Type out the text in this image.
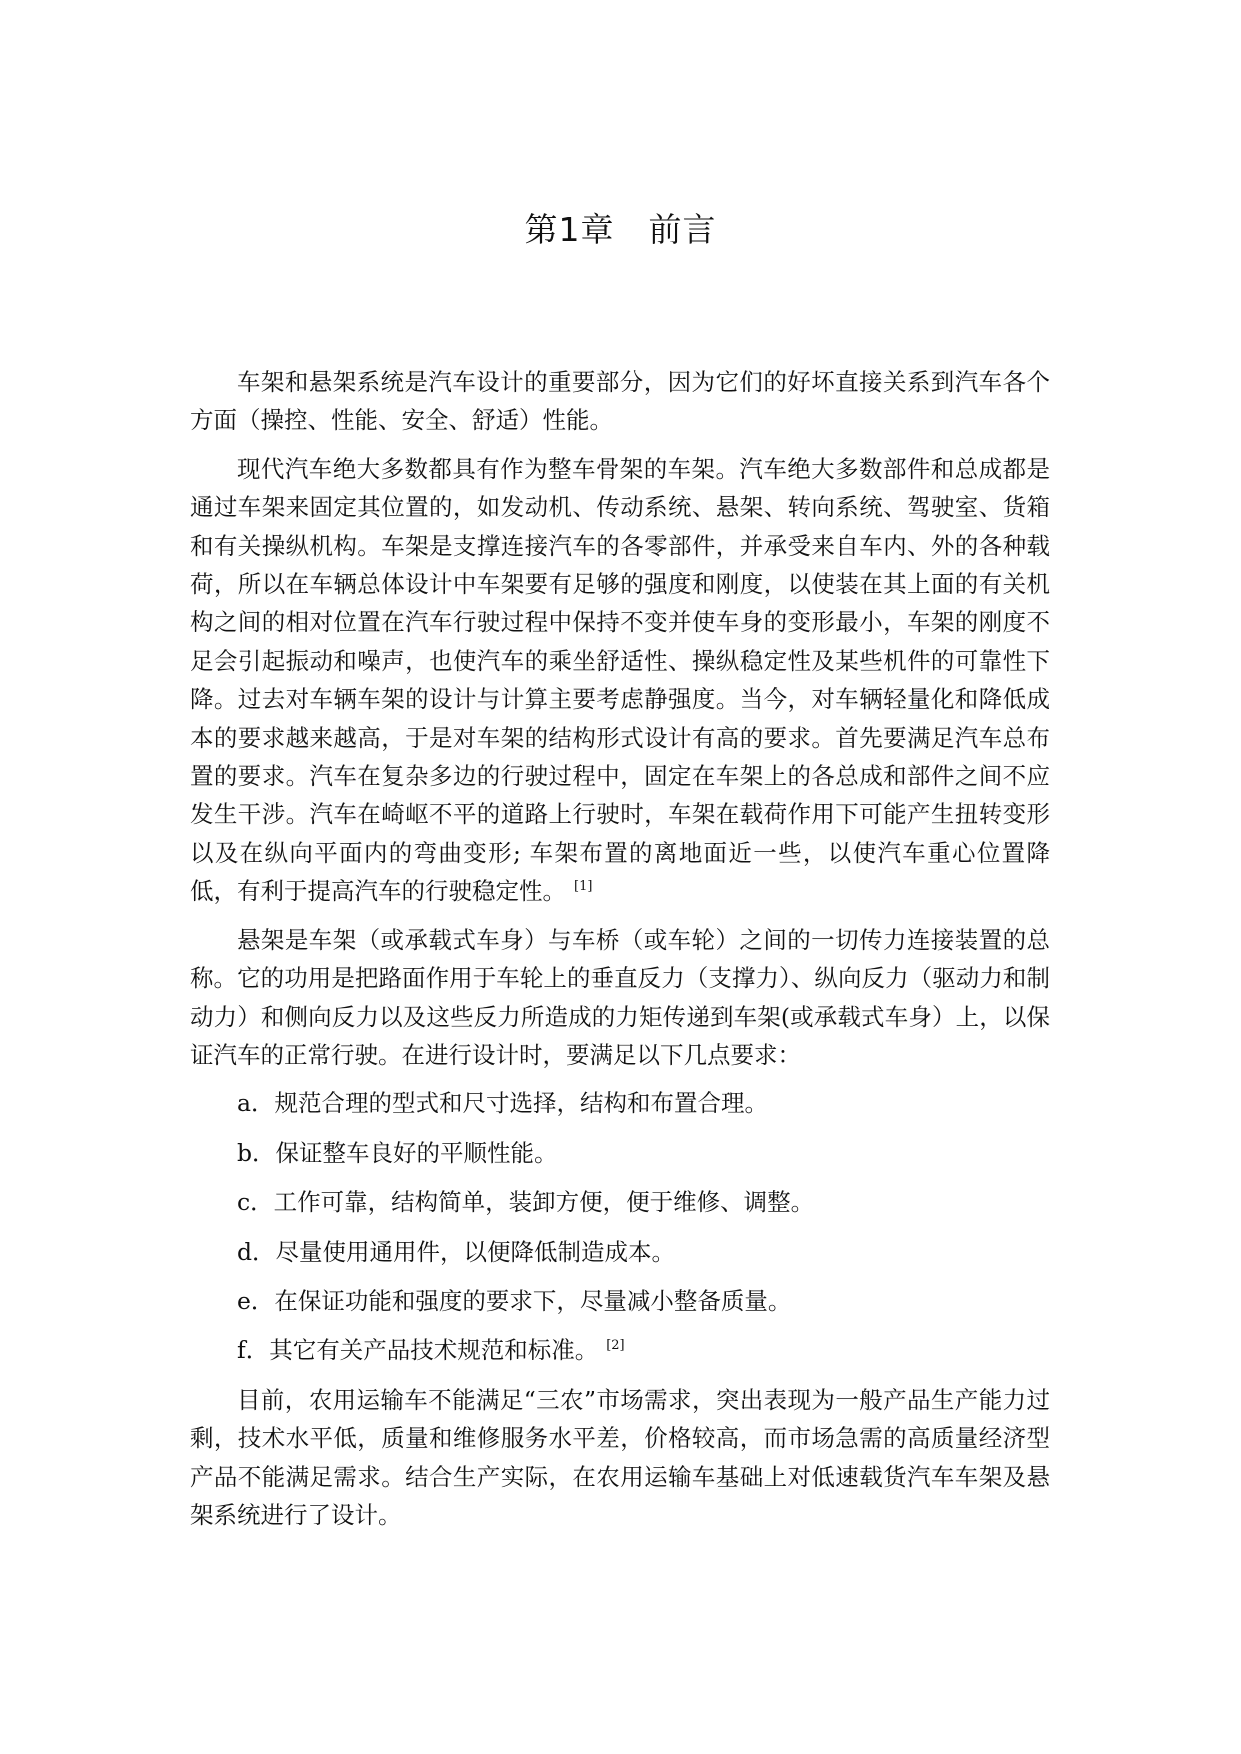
第1章　前言

车架和悬架系统是汽车设计的重要部分，因为它们的好坏直接关系到汽车各个方面（操控、性能、安全、舒适）性能。

现代汽车绝大多数都具有作为整车骨架的车架。汽车绝大多数部件和总成都是通过车架来固定其位置的，如发动机、传动系统、悬架、转向系统、驾驶室、货箱和有关操纵机构。车架是支撑连接汽车的各零部件，并承受来自车内、外的各种载荷，所以在车辆总体设计中车架要有足够的强度和刚度，以使装在其上面的有关机构之间的相对位置在汽车行驶过程中保持不变并使车身的变形最小，车架的刚度不足会引起振动和噪声，也使汽车的乘坐舒适性、操纵稳定性及某些机件的可靠性下降。过去对车辆车架的设计与计算主要考虑静强度。当今，对车辆轻量化和降低成本的要求越来越高，于是对车架的结构形式设计有高的要求。首先要满足汽车总布置的要求。汽车在复杂多边的行驶过程中，固定在车架上的各总成和部件之间不应发生干涉。汽车在崎岖不平的道路上行驶时，车架在载荷作用下可能产生扭转变形以及在纵向平面内的弯曲变形; 车架布置的离地面近一些，以使汽车重心位置降低，有利于提高汽车的行驶稳定性。 [1]

悬架是车架（或承载式车身）与车桥（或车轮）之间的一切传力连接装置的总称。它的功用是把路面作用于车轮上的垂直反力（支撑力）、纵向反力（驱动力和制动力）和侧向反力以及这些反力所造成的力矩传递到车架(或承载式车身）上，以保证汽车的正常行驶。在进行设计时，要满足以下几点要求：

a．规范合理的型式和尺寸选择，结构和布置合理。

b．保证整车良好的平顺性能。

c．工作可靠，结构简单，装卸方便，便于维修、调整。

d．尽量使用通用件，以便降低制造成本。

e．在保证功能和强度的要求下，尽量减小整备质量。

f．其它有关产品技术规范和标准。 [2]

目前，农用运输车不能满足“三农”市场需求，突出表现为一般产品生产能力过剩，技术水平低，质量和维修服务水平差，价格较高，而市场急需的高质量经济型产品不能满足需求。结合生产实际，在农用运输车基础上对低速载货汽车车架及悬架系统进行了设计。
